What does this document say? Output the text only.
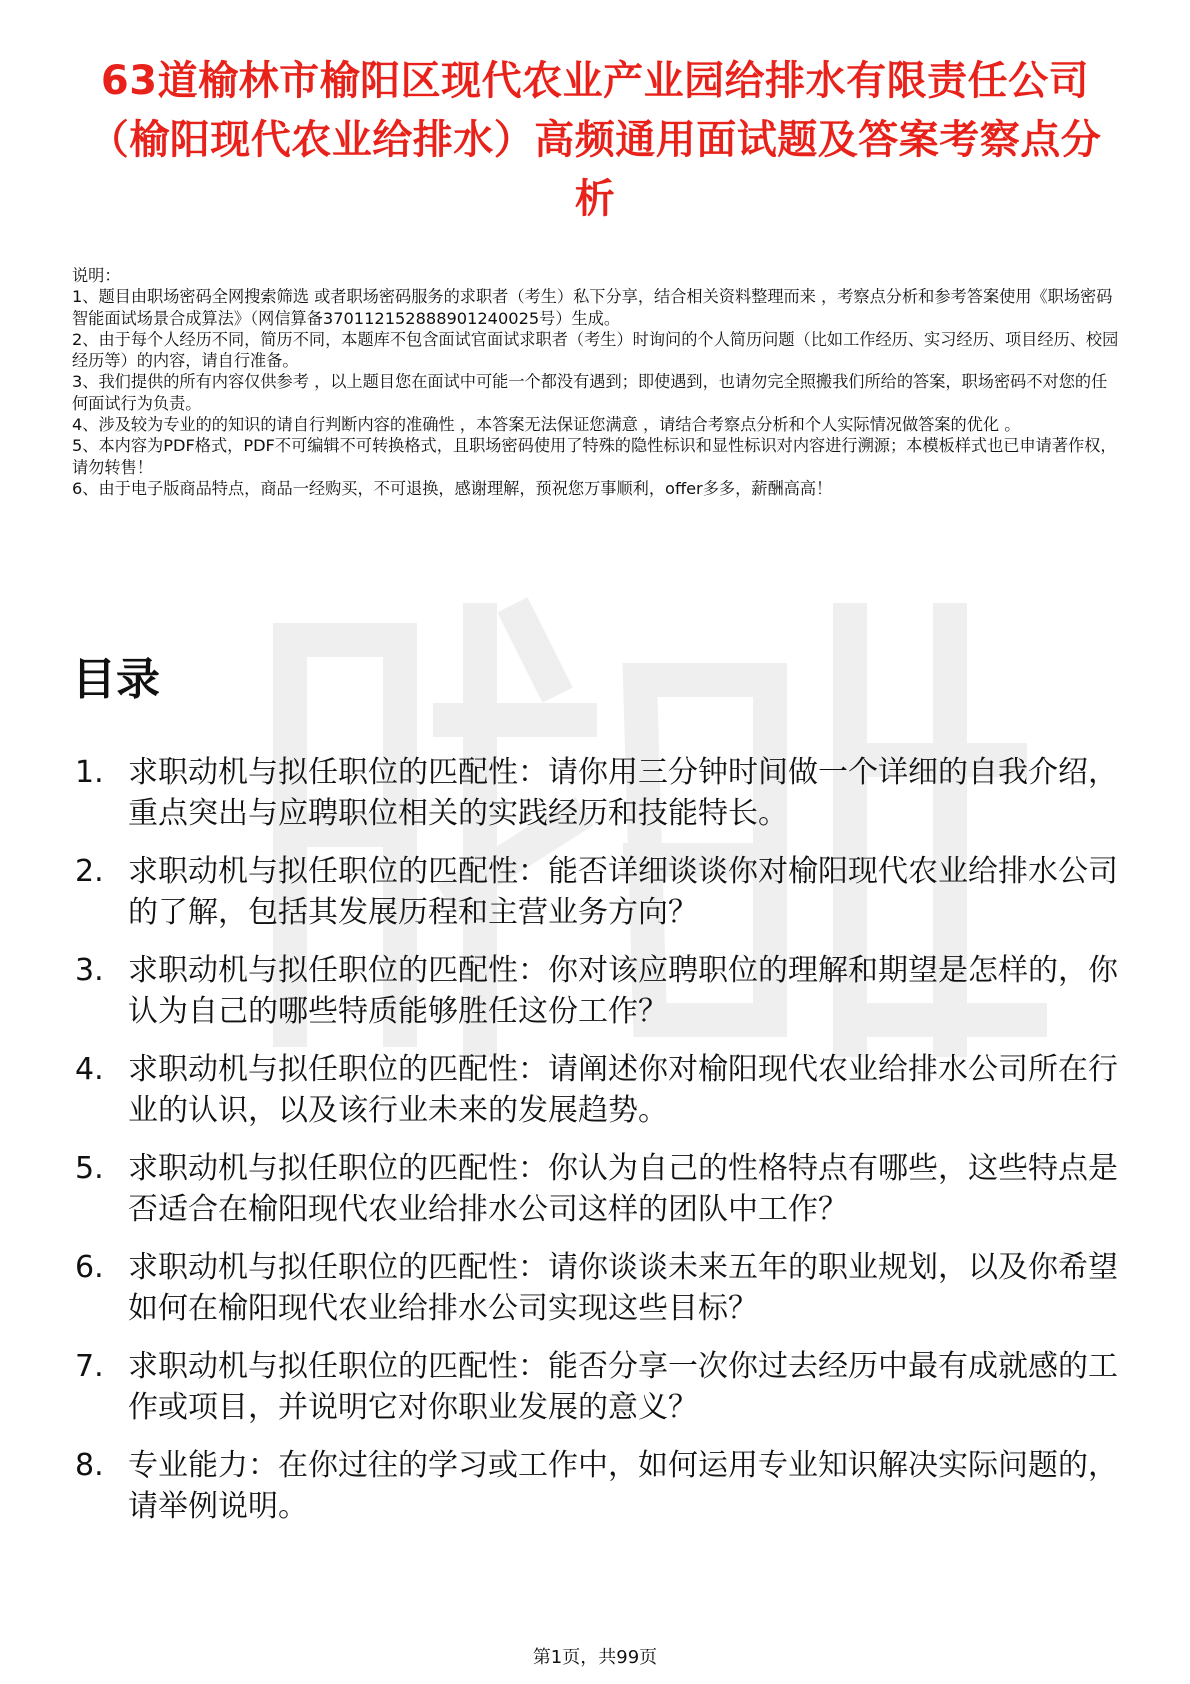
63道榆林市榆阳区现代农业产业园给排水有限责任公司（榆阳现代农业给排水）高频通用面试题及答案考察点分析

说明：

1、题目由职场密码全网搜索筛选 或者职场密码服务的求职者（考生）私下分享，结合相关资料整理而来 ，考察点分析和参考答案使用《职场密码智能面试场景合成算法》（网信算备370112152888901240025号）生成。

2、由于每个人经历不同，简历不同，本题库不包含面试官面试求职者（考生）时询问的个人简历问题（比如工作经历、实习经历、项目经历、校园经历等）的内容，请自行准备。

3、我们提供的所有内容仅供参考 ，以上题目您在面试中可能一个都没有遇到；即使遇到，也请勿完全照搬我们所给的答案，职场密码不对您的任何面试行为负责。

4、涉及较为专业的的知识的请自行判断内容的准确性 ，本答案无法保证您满意 ，请结合考察点分析和个人实际情况做答案的优化 。

5、本内容为PDF格式，PDF不可编辑不可转换格式，且职场密码使用了特殊的隐性标识和显性标识对内容进行溯源；本模板样式也已申请著作权，请勿转售！

6、由于电子版商品特点，商品一经购买，不可退换，感谢理解，预祝您万事顺利，offer多多，薪酬高高！

目录
1. 求职动机与拟任职位的匹配性：请你用三分钟时间做一个详细的自我介绍，重点突出与应聘职位相关的实践经历和技能特长。
2. 求职动机与拟任职位的匹配性：能否详细谈谈你对榆阳现代农业给排水公司的了解，包括其发展历程和主营业务方向？
3. 求职动机与拟任职位的匹配性：你对该应聘职位的理解和期望是怎样的，你认为自己的哪些特质能够胜任这份工作？
4. 求职动机与拟任职位的匹配性：请阐述你对榆阳现代农业给排水公司所在行业的认识，以及该行业未来的发展趋势。
5. 求职动机与拟任职位的匹配性：你认为自己的性格特点有哪些，这些特点是否适合在榆阳现代农业给排水公司这样的团队中工作？
6. 求职动机与拟任职位的匹配性：请你谈谈未来五年的职业规划，以及你希望如何在榆阳现代农业给排水公司实现这些目标？
7. 求职动机与拟任职位的匹配性：能否分享一次你过去经历中最有成就感的工作或项目，并说明它对你职业发展的意义？
8. 专业能力：在你过往的学习或工作中，如何运用专业知识解决实际问题的，请举例说明。
第1页，共99页
